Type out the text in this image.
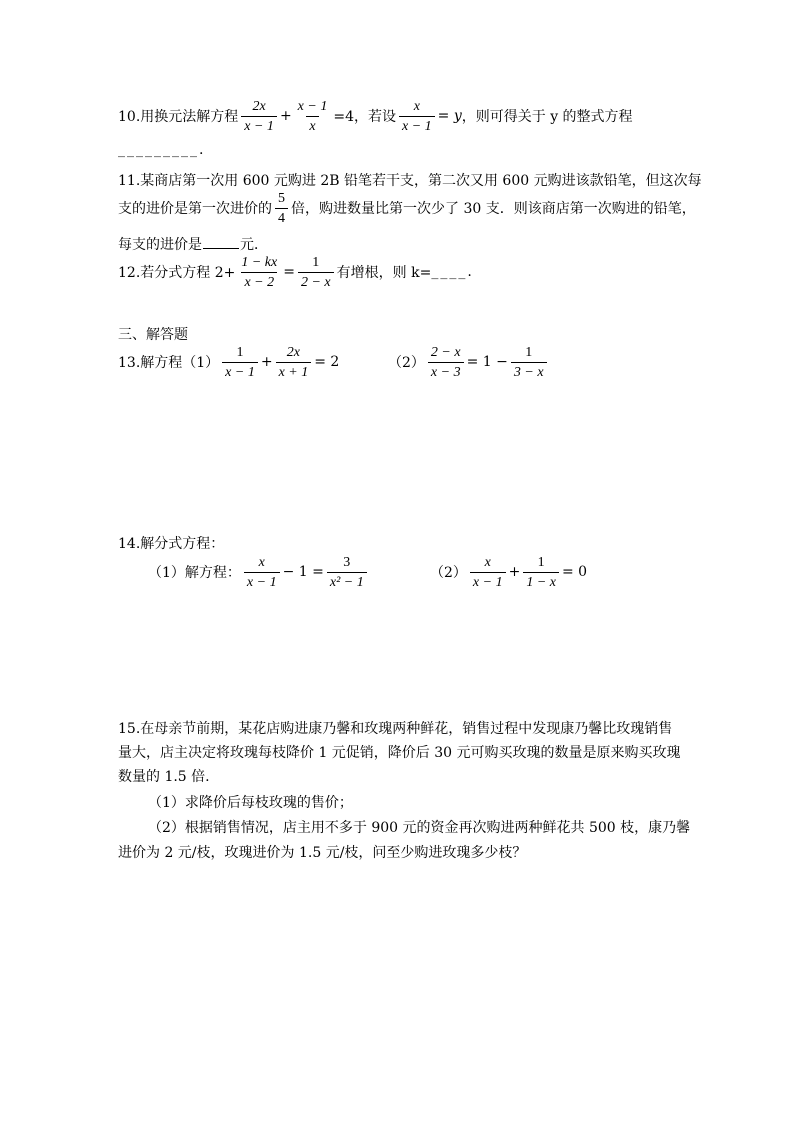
10.用换元法解方程 $\frac{2x}{x - 1} + \frac{x - 1}{x} =4$，若设 $\frac{x}{x - 1} = y$ ，则可得关于 y 的整式方程
_________.
11.某商店第一次用 600 元购进 2B 铅笔若干支，第二次又用 600 元购进该款铅笔，但这次每
支的进价是第一次进价的 $\frac{5}{4}$ 倍，购进数量比第一次少了 30 支．则该商店第一次购进的铅笔，
每支的进价是	元．
12.若分式方程 $2+ \frac{1 - kx}{x - 2} = \frac{1}{2 - x}$ 有增根，则 k= ____.
三、解答题
13.解方程$(1) \frac{1}{x - 1} + \frac{2x}{x + 1} = 2$	$(2) \frac{2 - x}{x - 3} = 1 - \frac{1}{3 - x}$
14.解分式方程：
（1）解方程： $\frac{x}{x - 1} - 1 = \frac{3}{\text{x² − 1}}$	$(2) \frac{x}{x - 1} + \frac{1}{1 - x} = 0$
15.在母亲节前期，某花店购进康乃馨和玫瑰两种鲜花，销售过程中发现康乃馨比玫瑰销售
量大，店主决定将玫瑰每枝降价 1 元促销，降价后 30 元可购买玫瑰的数量是原来购买玫瑰
数量的 1.5 倍.
（1）求降价后每枝玫瑰的售价；
（2）根据销售情况，店主用不多于 900 元的资金再次购进两种鲜花共 500 枝，康乃馨
进价为 2 元/枝，玫瑰进价为 1.5 元/枝，问至少购进玫瑰多少枝？
